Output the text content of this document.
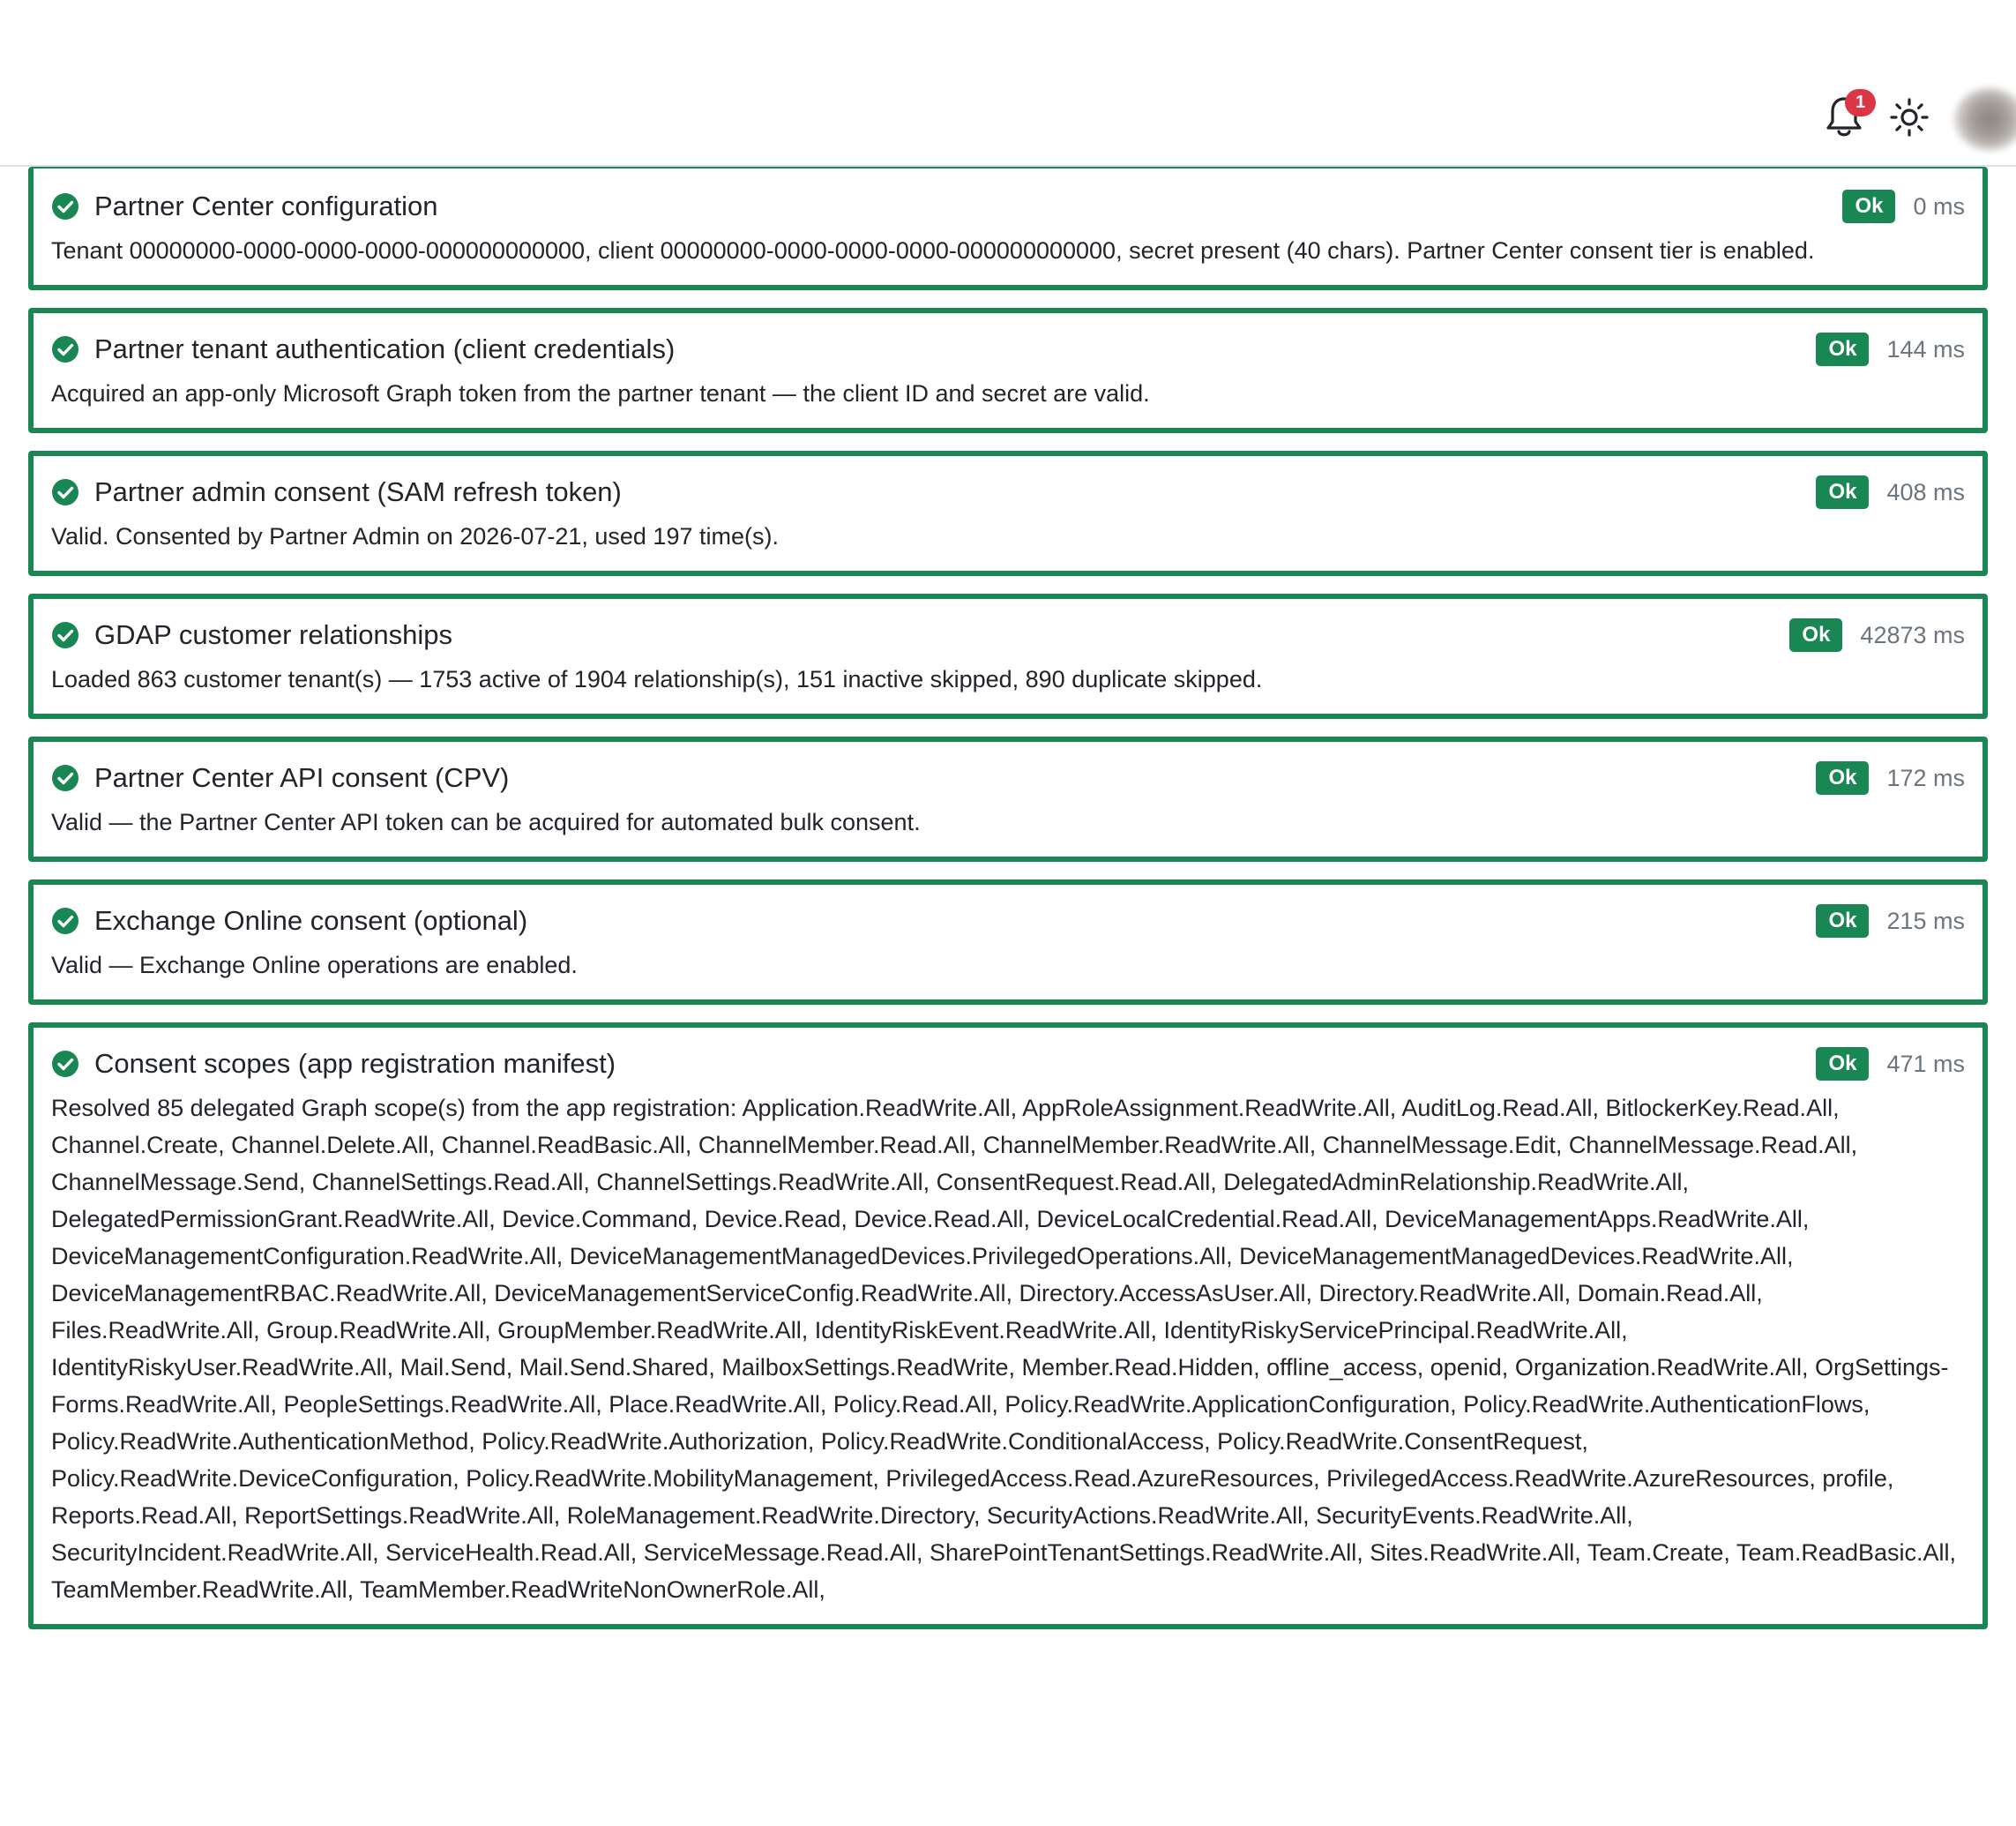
1
Partner Center configuration	Ok	0 ms
Tenant 00000000-0000-0000-0000-000000000000, client 00000000-0000-0000-0000-000000000000, secret present (40 chars). Partner Center consent tier is enabled.
Partner tenant authentication (client credentials)	Ok	144 ms
Acquired an app-only Microsoft Graph token from the partner tenant — the client ID and secret are valid.
Partner admin consent (SAM refresh token)	Ok	408 ms
Valid. Consented by Partner Admin on 2026-07-21, used 197 time(s).
GDAP customer relationships	Ok	42873 ms
Loaded 863 customer tenant(s) — 1753 active of 1904 relationship(s), 151 inactive skipped, 890 duplicate skipped.
Partner Center API consent (CPV)	Ok	172 ms
Valid — the Partner Center API token can be acquired for automated bulk consent.
Exchange Online consent (optional)	Ok	215 ms
Valid — Exchange Online operations are enabled.
Consent scopes (app registration manifest)	Ok	471 ms
Resolved 85 delegated Graph scope(s) from the app registration: Application.ReadWrite.All, AppRoleAssignment.ReadWrite.All, AuditLog.Read.All, BitlockerKey.Read.All, Channel.Create, Channel.Delete.All, Channel.ReadBasic.All, ChannelMember.Read.All, ChannelMember.ReadWrite.All, ChannelMessage.Edit, ChannelMessage.Read.All, ChannelMessage.Send, ChannelSettings.Read.All, ChannelSettings.ReadWrite.All, ConsentRequest.Read.All, DelegatedAdminRelationship.ReadWrite.All, DelegatedPermissionGrant.ReadWrite.All, Device.Command, Device.Read, Device.Read.All, DeviceLocalCredential.Read.All, DeviceManagementApps.ReadWrite.All, DeviceManagementConfiguration.ReadWrite.All, DeviceManagementManagedDevices.PrivilegedOperations.All, DeviceManagementManagedDevices.ReadWrite.All, DeviceManagementRBAC.ReadWrite.All, DeviceManagementServiceConfig.ReadWrite.All, Directory.AccessAsUser.All, Directory.ReadWrite.All, Domain.Read.All, Files.ReadWrite.All, Group.ReadWrite.All, GroupMember.ReadWrite.All, IdentityRiskEvent.ReadWrite.All, IdentityRiskyServicePrincipal.ReadWrite.All, IdentityRiskyUser.ReadWrite.All, Mail.Send, Mail.Send.Shared, MailboxSettings.ReadWrite, Member.Read.Hidden, offline_access, openid, Organization.ReadWrite.All, OrgSettings-Forms.ReadWrite.All, PeopleSettings.ReadWrite.All, Place.ReadWrite.All, Policy.Read.All, Policy.ReadWrite.ApplicationConfiguration, Policy.ReadWrite.AuthenticationFlows, Policy.ReadWrite.AuthenticationMethod, Policy.ReadWrite.Authorization, Policy.ReadWrite.ConditionalAccess, Policy.ReadWrite.ConsentRequest, Policy.ReadWrite.DeviceConfiguration, Policy.ReadWrite.MobilityManagement, PrivilegedAccess.Read.AzureResources, PrivilegedAccess.ReadWrite.AzureResources, profile, Reports.Read.All, ReportSettings.ReadWrite.All, RoleManagement.ReadWrite.Directory, SecurityActions.ReadWrite.All, SecurityEvents.ReadWrite.All, SecurityIncident.ReadWrite.All, ServiceHealth.Read.All, ServiceMessage.Read.All, SharePointTenantSettings.ReadWrite.All, Sites.ReadWrite.All, Team.Create, Team.ReadBasic.All, TeamMember.ReadWrite.All, TeamMember.ReadWriteNonOwnerRole.All,
